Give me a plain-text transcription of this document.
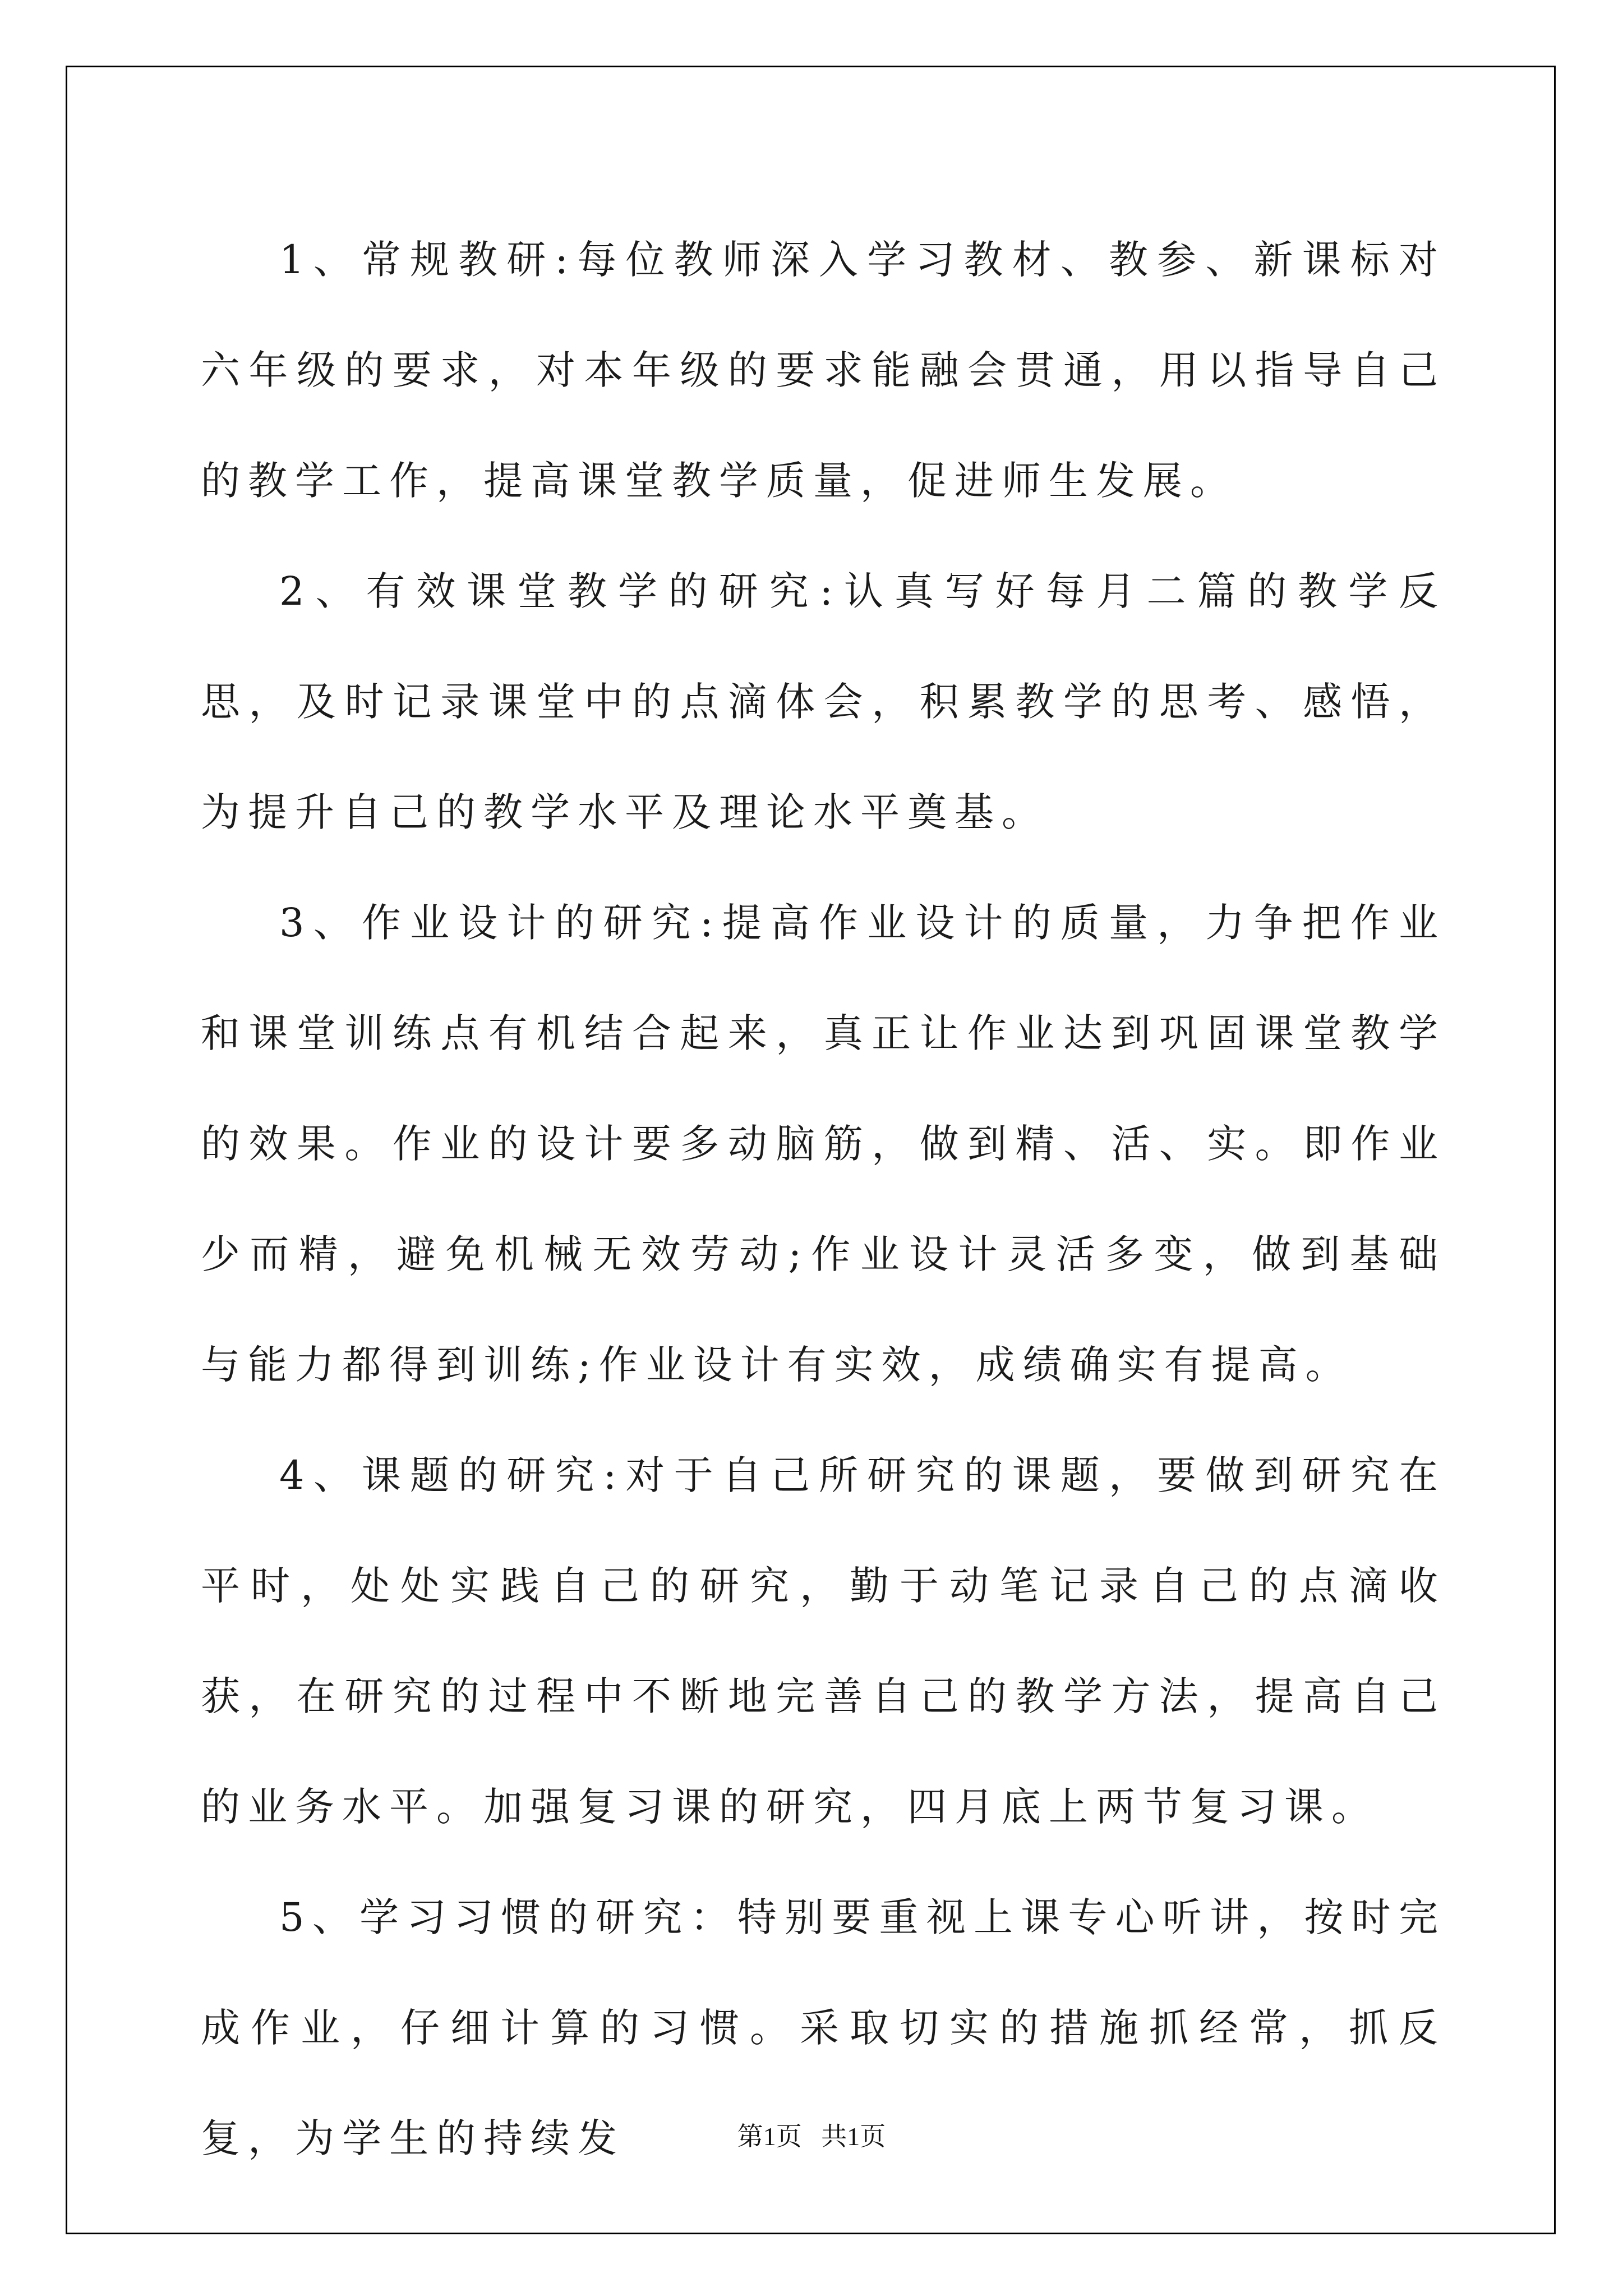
1、常规教研:每位教师深入学习教材、教参、新课标对六年级的要求，对本年级的要求能融会贯通，用以指导自己的教学工作，提高课堂教学质量，促进师生发展。

2、有效课堂教学的研究:认真写好每月二篇的教学反思，及时记录课堂中的点滴体会，积累教学的思考、感悟，为提升自己的教学水平及理论水平奠基。

3、作业设计的研究:提高作业设计的质量，力争把作业和课堂训练点有机结合起来，真正让作业达到巩固课堂教学的效果。作业的设计要多动脑筋，做到精、活、实。即作业少而精，避免机械无效劳动;作业设计灵活多变，做到基础与能力都得到训练;作业设计有实效，成绩确实有提高。

4、课题的研究:对于自己所研究的课题，要做到研究在平时，处处实践自己的研究，勤于动笔记录自己的点滴收获，在研究的过程中不断地完善自己的教学方法，提高自己的业务水平。加强复习课的研究，四月底上两节复习课。

5、学习习惯的研究：特别要重视上课专心听讲，按时完成作业，仔细计算的习惯。采取切实的措施抓经常，抓反复，为学生的持续发	第1页 共1页
